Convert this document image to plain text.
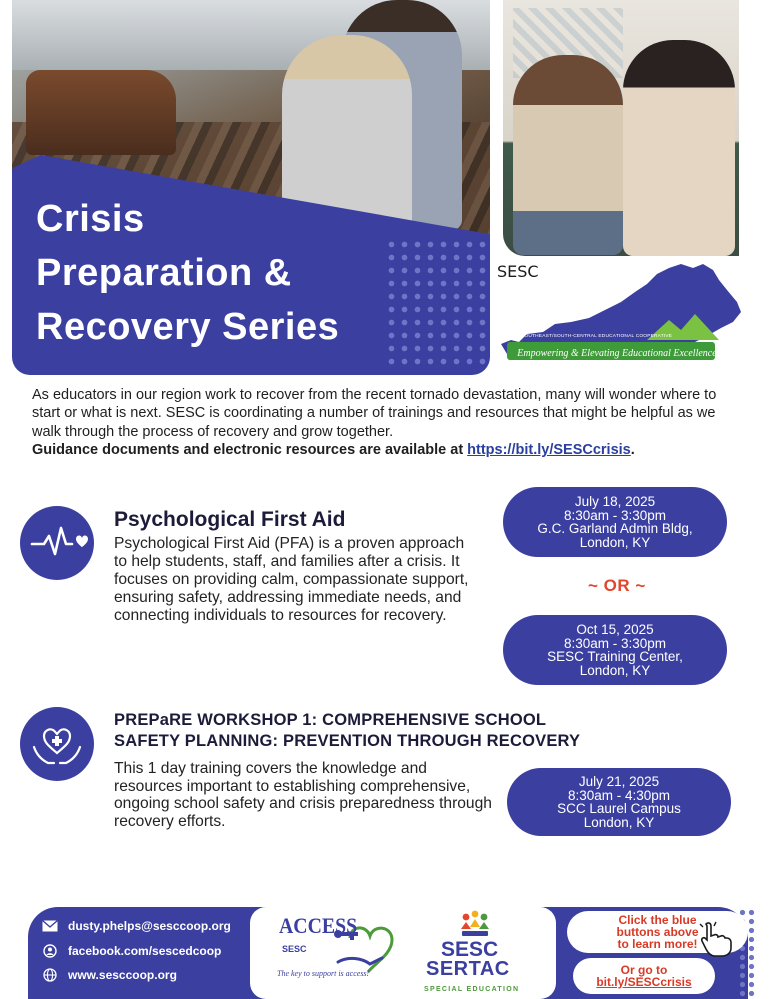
Crisis
Preparation &
Recovery Series
SESC
SOUTHEAST/SOUTH-CENTRAL EDUCATIONAL COOPERATIVE
Empowering & Elevating Educational Excellence
As educators in our region work to recover from the recent tornado devastation, many will wonder where to start or what is next. SESC is coordinating a number of trainings and resources that might be helpful as we walk through the process of recovery and grow together.
Guidance documents and electronic resources are available at https://bit.ly/SESCcrisis.
Psychological First Aid
Psychological First Aid (PFA) is a proven approach to help students, staff, and families after a crisis. It focuses on providing calm, compassionate support, ensuring safety, addressing immediate needs, and connecting individuals to resources for recovery.
July 18, 2025
8:30am - 3:30pm
G.C. Garland Admin Bldg,
London, KY
~ OR ~
Oct 15, 2025
8:30am - 3:30pm
SESC Training Center,
London, KY
PREPaRE WORKSHOP 1: COMPREHENSIVE SCHOOL
SAFETY PLANNING: PREVENTION THROUGH RECOVERY
This 1 day training covers the knowledge and resources important to establishing comprehensive, ongoing school safety and crisis preparedness through recovery efforts.
July 21, 2025
8:30am - 4:30pm
SCC Laurel Campus
London, KY
dusty.phelps@sesccoop.org
facebook.com/sescedcoop
www.sesccoop.org
ACCESS
SESC
The key to support is access!
SESC
SERTAC
SPECIAL EDUCATION
Click the blue
buttons above
to learn more!
Or go to
bit.ly/SESCcrisis
